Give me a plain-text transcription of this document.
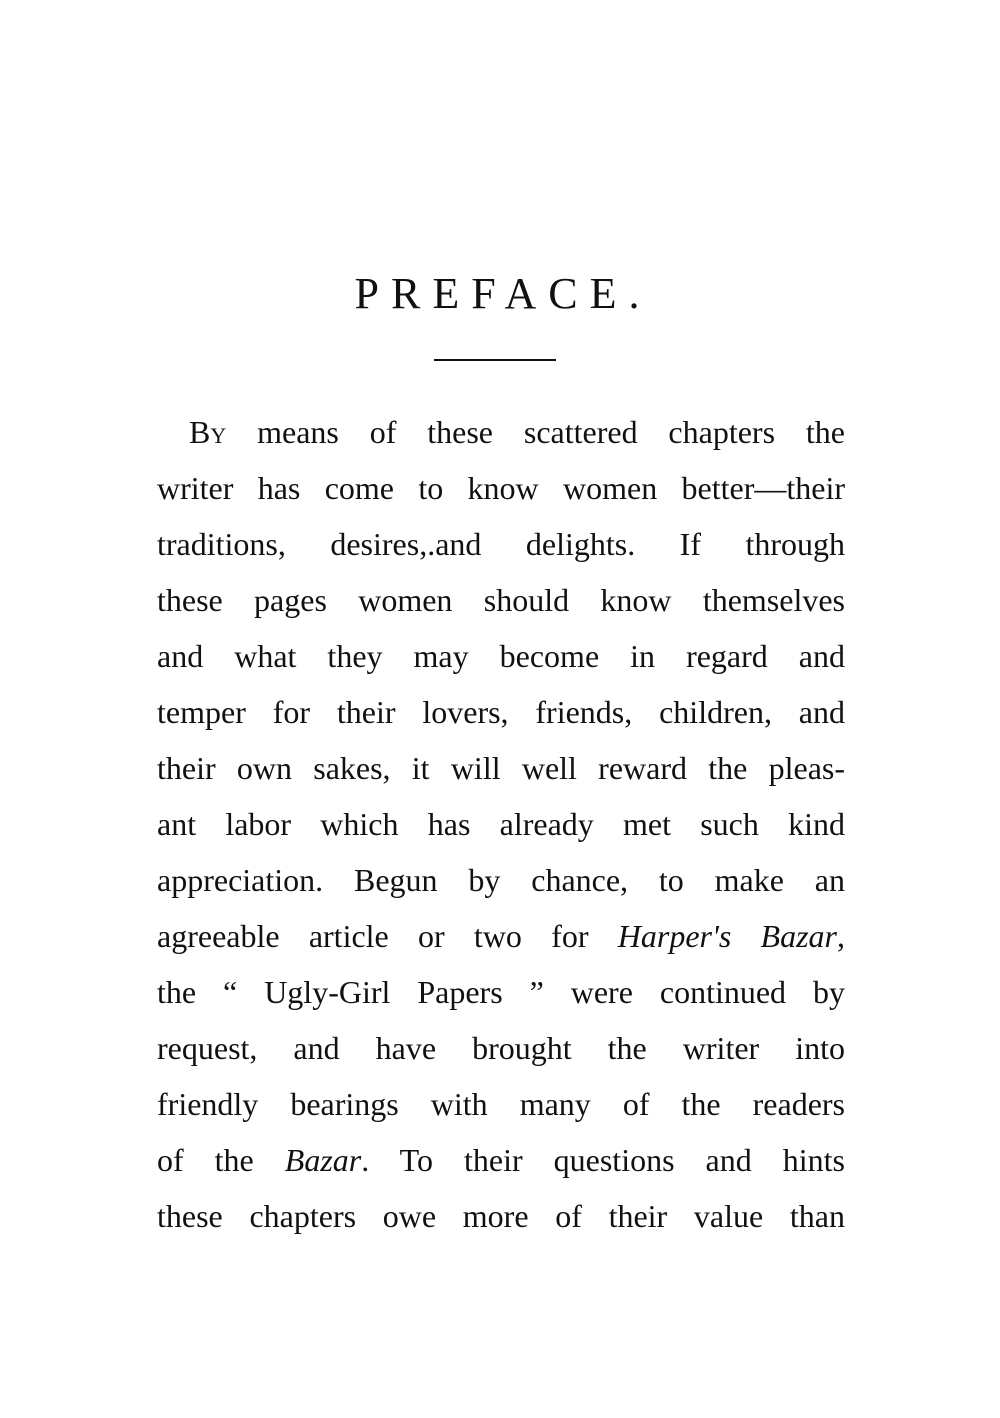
PREFACE.
By means of these scattered chapters the
writer has come to know women better—their
traditions, desires,.and delights. If through
these pages women should know themselves
and what they may become in regard and
temper for their lovers, friends, children, and
their own sakes, it will well reward the pleas-
ant labor which has already met such kind
appreciation. Begun by chance, to make an
agreeable article or two for Harper's Bazar,
the “ Ugly-Girl Papers ” were continued by
request, and have brought the writer into
friendly bearings with many of the readers
of the Bazar. To their questions and hints
these chapters owe more of their value than
